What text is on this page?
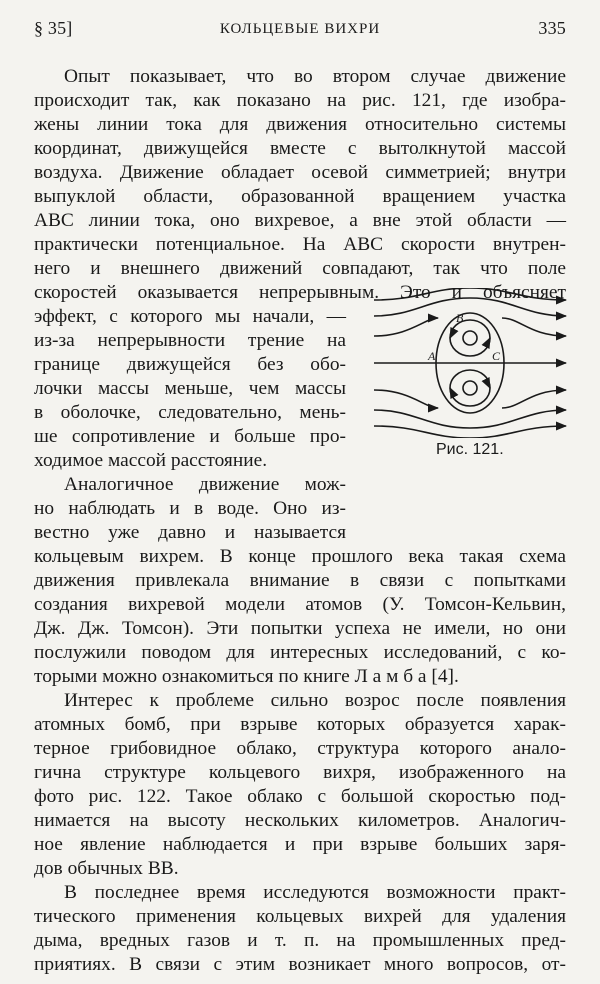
§ 35]	КОЛЬЦЕВЫЕ ВИХРИ	335
Опыт показывает, что во втором случае движение
происходит так, как показано на рис. 121, где изобра-
жены линии тока для движения относительно системы
координат, движущейся вместе с вытолкнутой массой
воздуха. Движение обладает осевой симметрией; внутри
выпуклой области, образованной вращением участка
ABC линии тока, оно вихревое, а вне этой области —
практически потенциальное. На ABC скорости внутрен-
него и внешнего движений совпадают, так что поле
скоростей оказывается непрерывным. Это и объясняет
эффект, с которого мы начали, —
из-за непрерывности трение на
границе движущейся без обо-
лочки массы меньше, чем массы
в оболочке, следовательно, мень-
ше сопротивление и больше про-
ходимое массой расстояние.
Аналогичное движение мож-
но наблюдать и в воде. Оно из-
вестно уже давно и называется
кольцевым вихрем. В конце прошлого века такая схема
движения привлекала внимание в связи с попытками
создания вихревой модели атомов (У. Томсон-Кельвин,
Дж. Дж. Томсон). Эти попытки успеха не имели, но они
послужили поводом для интересных исследований, с ко-
торыми можно ознакомиться по книге Л а м б а [4].
Интерес к проблеме сильно возрос после появления
атомных бомб, при взрыве которых образуется харак-
терное грибовидное облако, структура которого анало-
гична структуре кольцевого вихря, изображенного на
фото рис. 122. Такое облако с большой скоростью под-
нимается на высоту нескольких километров. Аналогич-
ное явление наблюдается и при взрыве больших заря-
дов обычных ВВ.
В последнее время исследуются возможности практ-
тического применения кольцевых вихрей для удаления
дыма, вредных газов и т. п. на промышленных пред-
приятиях. В связи с этим возникает много вопросов, от-
A
B
C
Рис. 121.
